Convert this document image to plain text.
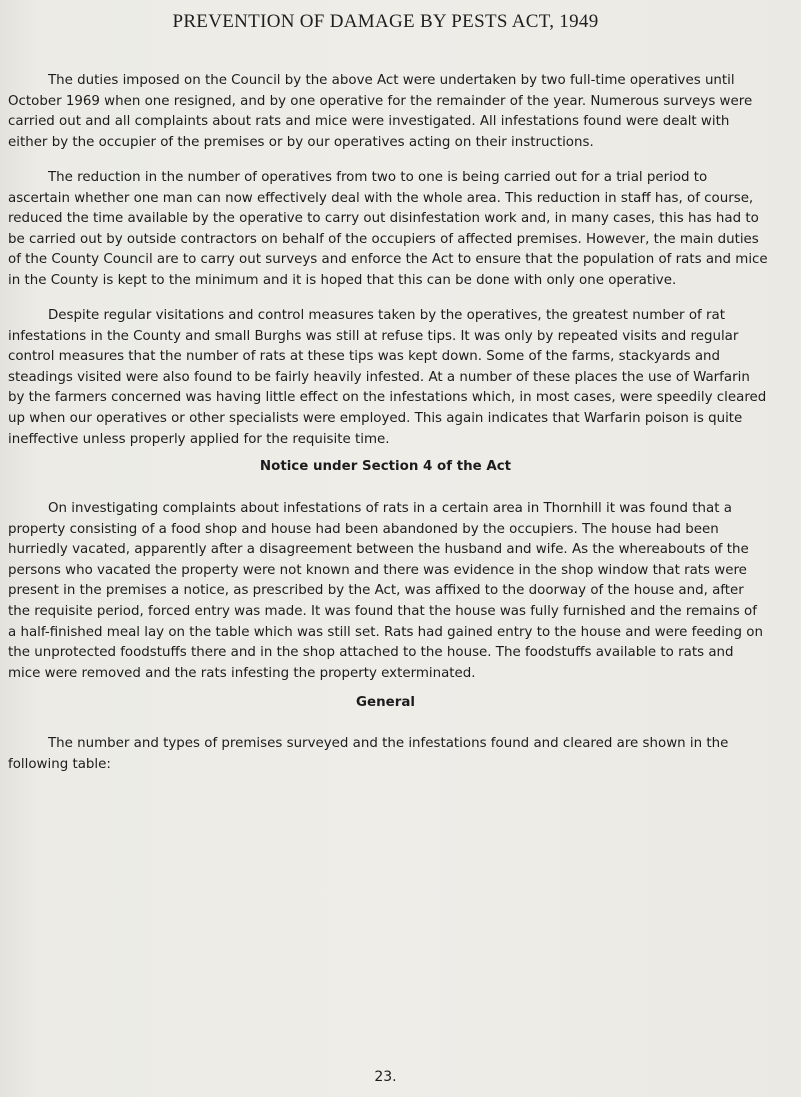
PREVENTION OF DAMAGE BY PESTS ACT, 1949

The duties imposed on the Council by the above Act were undertaken by two full-time operatives until October 1969 when one resigned, and by one operative for the remainder of the year. Numerous surveys were carried out and all complaints about rats and mice were investigated. All infestations found were dealt with either by the occupier of the premises or by our operatives acting on their instructions.

The reduction in the number of operatives from two to one is being carried out for a trial period to ascertain whether one man can now effectively deal with the whole area. This reduction in staff has, of course, reduced the time available by the operative to carry out disinfestation work and, in many cases, this has had to be carried out by outside contractors on behalf of the occupiers of affected premises. However, the main duties of the County Council are to carry out surveys and enforce the Act to ensure that the population of rats and mice in the County is kept to the minimum and it is hoped that this can be done with only one operative.

Despite regular visitations and control measures taken by the operatives, the greatest number of rat infestations in the County and small Burghs was still at refuse tips. It was only by repeated visits and regular control measures that the number of rats at these tips was kept down. Some of the farms, stackyards and steadings visited were also found to be fairly heavily infested. At a number of these places the use of Warfarin by the farmers concerned was having little effect on the infestations which, in most cases, were speedily cleared up when our operatives or other specialists were employed. This again indicates that Warfarin poison is quite ineffective unless properly applied for the requisite time.

Notice under Section 4 of the Act

On investigating complaints about infestations of rats in a certain area in Thornhill it was found that a property consisting of a food shop and house had been abandoned by the occupiers. The house had been hurriedly vacated, apparently after a disagreement between the husband and wife. As the whereabouts of the persons who vacated the property were not known and there was evidence in the shop window that rats were present in the premises a notice, as prescribed by the Act, was affixed to the doorway of the house and, after the requisite period, forced entry was made. It was found that the house was fully furnished and the remains of a half-finished meal lay on the table which was still set. Rats had gained entry to the house and were feeding on the unprotected foodstuffs there and in the shop attached to the house. The foodstuffs available to rats and mice were removed and the rats infesting the property exterminated.

General

The number and types of premises surveyed and the infestations found and cleared are shown in the following table:

23.
